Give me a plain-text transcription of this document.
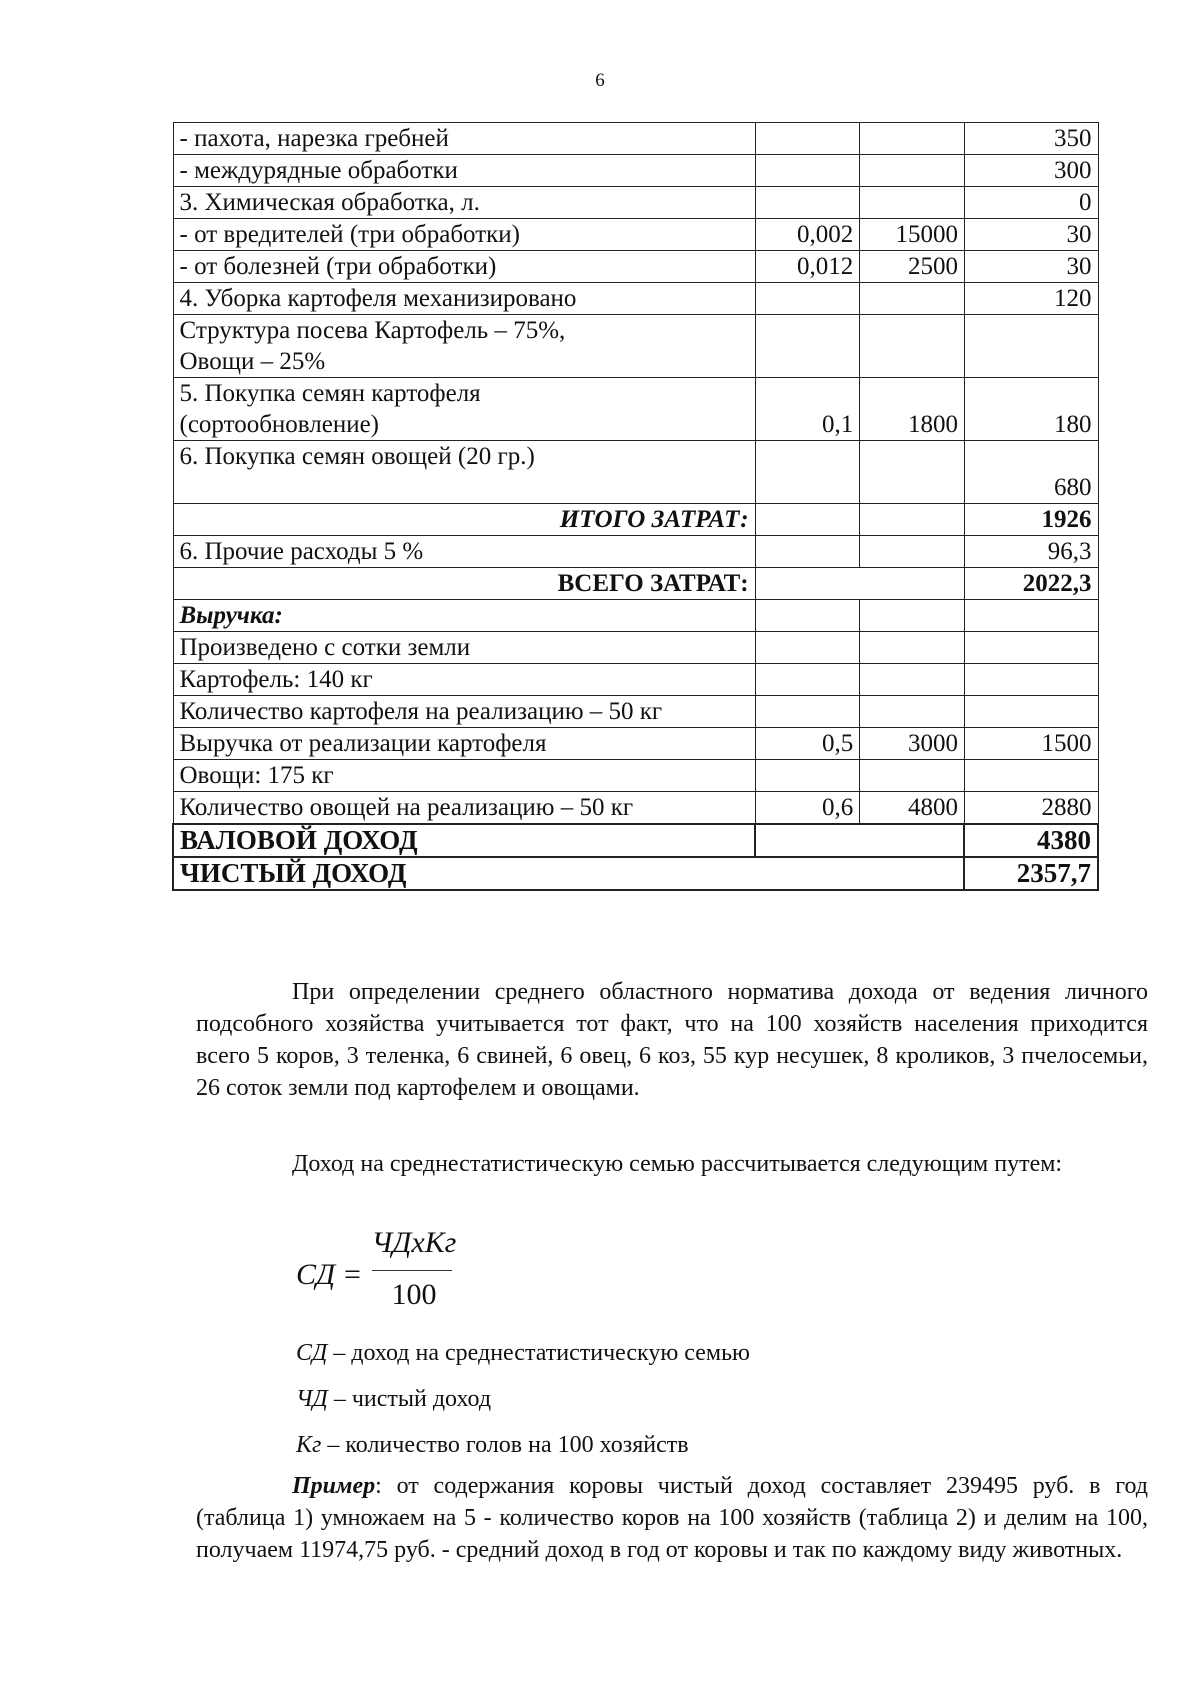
6
- пахота, нарезка гребней			350
- междурядные обработки			300
3. Химическая обработка, л.			0
- от вредителей (три обработки)	0,002	15000	30
- от болезней (три обработки)	0,012	2500	30
4. Уборка картофеля механизировано			120

Структура посева Картофель – 75%,
Овощи – 25%			

5. Покупка семян картофеля
(сортообновление)	0,1	1800	180

6. Покупка семян овощей (20 гр.)			680
ИТОГО ЗАТРАТ:			1926
6. Прочие расходы 5 %			96,3
ВСЕГО ЗАТРАТ:			2022,3
Выручка:			
Произведено с сотки земли			
Картофель: 140 кг			
Количество картофеля на реализацию – 50 кг			
Выручка от реализации картофеля	0,5	3000	1500
Овощи: 175 кг			
Количество овощей на реализацию – 50 кг	0,6	4800	2880
ВАЛОВОЙ ДОХОД			4380
ЧИСТЫЙ ДОХОД			2357,7

При определении среднего областного норматива дохода от ведения личного подсобного хозяйства учитывается тот факт, что на 100 хозяйств населения приходится всего 5 коров, 3 теленка, 6 свиней, 6 овец, 6 коз, 55 кур несушек, 8 кроликов, 3 пчелосемьи, 26 соток земли под картофелем и овощами.

Доход на среднестатистическую семью рассчитывается следующим путем:

СД =
ЧДхКг
100
СД – доход на среднестатистическую семью
ЧД – чистый доход
Кг – количество голов на 100 хозяйств

Пример: от содержания коровы чистый доход составляет 239495 руб. в год (таблица 1) умножаем на 5 - количество коров на 100 хозяйств (таблица 2) и делим на 100, получаем 11974,75 руб. - средний доход в год от коровы и так по каждому виду животных.
